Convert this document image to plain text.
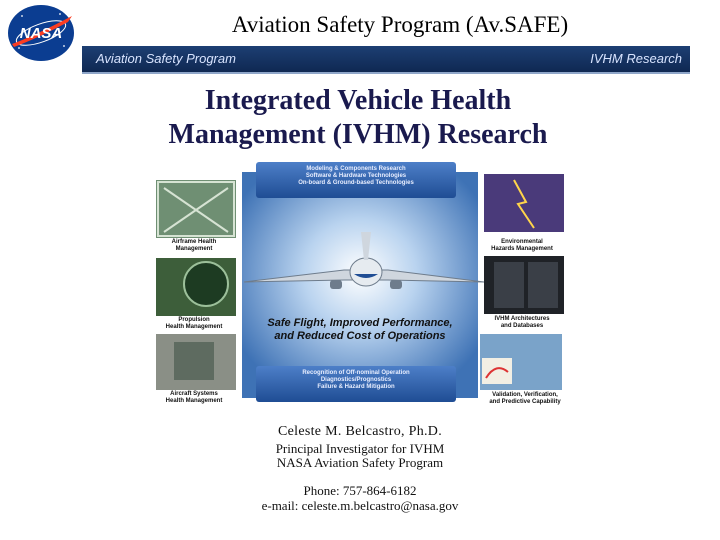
NASA	Aviation Safety Program (Av.SAFE)
Aviation Safety Program	IVHM Research
Integrated Vehicle Health
Management (IVHM) Research
Modeling & Components Research
Software & Hardware Technologies
On-board & Ground-based Technologies
Recognition of Off-nominal Operation
Diagnostics/Prognostics
Failure & Hazard Mitigation
Airframe Health
Management
Propulsion
Health Management
Aircraft Systems
Health Management
Environmental
Hazards Management
IVHM Architectures
and Databases
Validation, Verification,
and Predictive Capability
Safe Flight, Improved Performance,
and Reduced Cost of Operations
Celeste M. Belcastro, Ph.D.
Principal Investigator for IVHM
NASA Aviation Safety Program
Phone: 757-864-6182
e-mail: celeste.m.belcastro@nasa.gov
